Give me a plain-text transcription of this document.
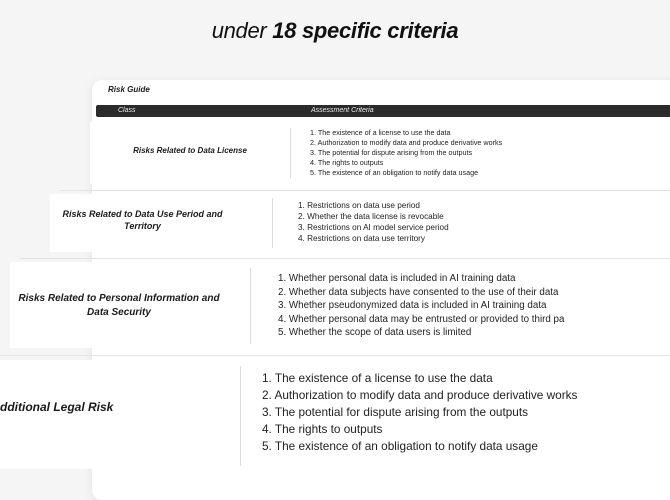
under 18 specific criteria
Risk Guide
Class	Assessment Criteria
Risks Related to Data License
1. The existence of a license to use the data
2. Authorization to modify data and produce derivative works
3. The potential for dispute arising from the outputs
4. The rights to outputs
5. The existence of an obligation to notify data usage
Risks Related to Data Use Period and Territory
1. Restrictions on data use period
2. Whether the data license is revocable
3. Restrictions on AI model service period
4. Restrictions on data use territory
Risks Related to Personal Information and Data Security
1. Whether personal data is included in AI training data
2. Whether data subjects have consented to the use of their data
3. Whether pseudonymized data is included in AI training data
4. Whether personal data may be entrusted or provided to third pa
5. Whether the scope of data users is limited
dditional Legal Risk
1. The existence of a license to use the data
2. Authorization to modify data and produce derivative works
3. The potential for dispute arising from the outputs
4. The rights to outputs
5. The existence of an obligation to notify data usage
